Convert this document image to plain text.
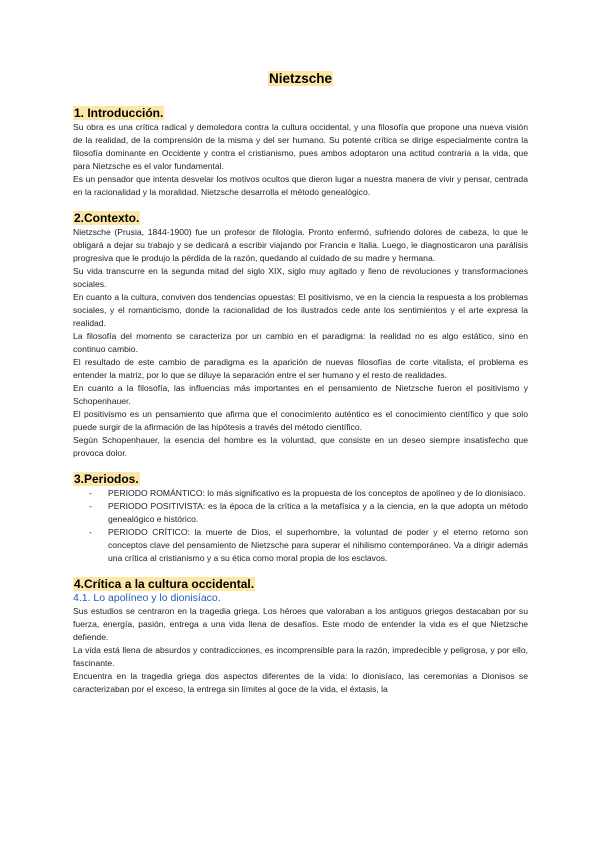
Nietzsche
1. Introducción.

Su obra es una crítica radical y demoledora contra la cultura occidental, y una filosofía que propone una nueva visión de la realidad, de la comprensión de la misma y del ser humano. Su potente crítica se dirige especialmente contra la filosofía dominante en Occidente y contra el cristianismo, pues ambos adoptaron una actitud contraria a la vida, que para Nietzsche es el valor fundamental.

Es un pensador que intenta desvelar los motivos ocultos que dieron lugar a nuestra manera de vivir y pensar, centrada en la racionalidad y la moralidad. Nietzsche desarrolla el método genealógico.

2.Contexto.

Nietzsche (Prusia, 1844-1900) fue un profesor de filología. Pronto enfermó, sufriendo dolores de cabeza, lo que le obligará a dejar su trabajo y se dedicará a escribir viajando por Francia e Italia. Luego, le diagnosticaron una parálisis progresiva que le produjo la pérdida de la razón, quedando al cuidado de su madre y hermana.

Su vida transcurre en la segunda mitad del siglo XIX, siglo muy agitado y lleno de revoluciones y transformaciones sociales.

En cuanto a la cultura, conviven dos tendencias opuestas: El positivismo, ve en la ciencia la respuesta a los problemas sociales, y el romanticismo, donde la racionalidad de los ilustrados cede ante los sentimientos y el arte expresa la realidad.

La filosofía del momento se caracteriza por un cambio en el paradigma: la realidad no es algo estático, sino en continuo cambio.

El resultado de este cambio de paradigma es la aparición de nuevas filosofías de corte vitalista, el problema es entender la matriz, por lo que se diluye la separación entre el ser humano y el resto de realidades.

En cuanto a la filosofía, las influencias más importantes en el pensamiento de Nietzsche fueron el positivismo y Schopenhauer.

El positivismo es un pensamiento que afirma que el conocimiento auténtico es el conocimiento científico y que solo puede surgir de la afirmación de las hipótesis a través del método científico.

Según Schopenhauer, la esencia del hombre es la voluntad, que consiste en un deseo siempre insatisfecho que provoca dolor.

3.Periodos.
- PERIODO ROMÁNTICO: lo más significativo es la propuesta de los conceptos de apolíneo y de lo dionisiaco.
- PERIODO POSITIVISTA: es la época de la crítica a la metafísica y a la ciencia, en la que adopta un método genealógico e histórico.
- PERIODO CRÍTICO: la muerte de Dios, el superhombre, la voluntad de poder y el eterno retorno son conceptos clave del pensamiento de Nietzsche para superar el nihilismo contemporáneo. Va a dirigir además una crítica al cristianismo y a su ética como moral propia de los esclavos.
4.Crítica a la cultura occidental.
4.1. Lo apolíneo y lo dionisíaco.

Sus estudios se centraron en la tragedia griega. Los héroes que valoraban a los antiguos griegos destacaban por su fuerza, energía, pasión, entrega a una vida llena de desafíos. Este modo de entender la vida es el que Nietzsche defiende.

La vida está llena de absurdos y contradicciones, es incomprensible para la razón, impredecible y peligrosa, y por ello, fascinante.

Encuentra en la tragedia griega dos aspectos diferentes de la vida: lo dionisíaco, las ceremonias a Dionisos se caracterizaban por el exceso, la entrega sin límites al goce de la vida, el éxtasis, la
